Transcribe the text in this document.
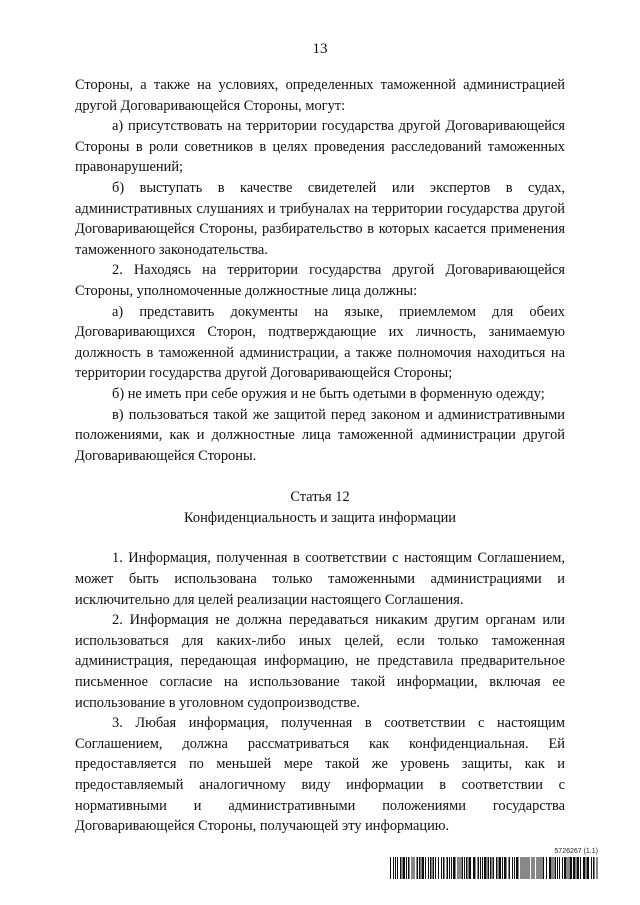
13

Стороны, а также на условиях, определенных таможенной администрацией другой Договаривающейся Стороны, могут:

а) присутствовать на территории государства другой Договаривающейся Стороны в роли советников в целях проведения расследований таможенных правонарушений;

б) выступать в качестве свидетелей или экспертов в судах, административных слушаниях и трибуналах на территории государства другой Договаривающейся Стороны, разбирательство в которых касается применения таможенного законодательства.

2. Находясь на территории государства другой Договаривающейся Стороны, уполномоченные должностные лица должны:

а) представить документы на языке, приемлемом для обеих Договаривающихся Сторон, подтверждающие их личность, занимаемую должность в таможенной администрации, а также полномочия находиться на территории государства другой Договаривающейся Стороны;

б) не иметь при себе оружия и не быть одетыми в форменную одежду;

в) пользоваться такой же защитой перед законом и административными положениями, как и должностные лица таможенной администрации другой Договаривающейся Стороны.

Статья 12
Конфиденциальность и защита информации

1. Информация, полученная в соответствии с настоящим Соглашением, может быть использована только таможенными администрациями и исключительно для целей реализации настоящего Соглашения.

2. Информация не должна передаваться никаким другим органам или использоваться для каких-либо иных целей, если только таможенная администрация, передающая информацию, не представила предварительное письменное согласие на использование такой информации, включая ее использование в уголовном судопроизводстве.

3. Любая информация, полученная в соответствии с настоящим Соглашением, должна рассматриваться как конфиденциальная. Ей предоставляется по меньшей мере такой же уровень защиты, как и предоставляемый аналогичному виду информации в соответствии с нормативными и административными положениями государства Договаривающейся Стороны, получающей эту информацию.

5726267 (1.1)
